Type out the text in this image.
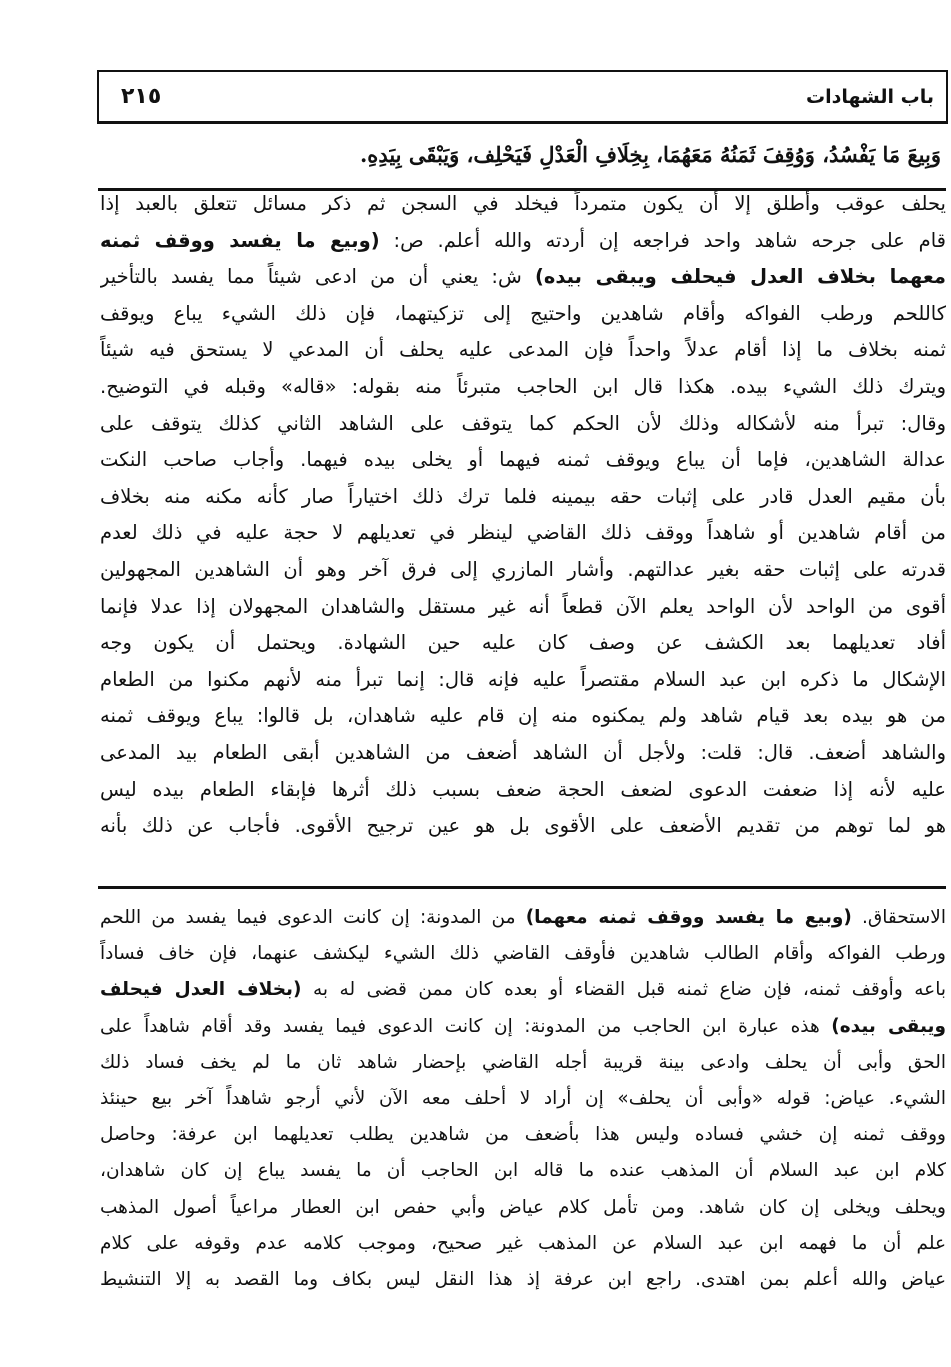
٢١٥	باب الشهادات
وَبِيعَ مَا يَفْسُدُ، وَوُقِفَ ثَمَنُهُ مَعَهُمَا، بِخِلَافِ الْعَدْلِ فَيَحْلِف، وَيَبْقَى بِيَدِهِ.
يحلف عوقب وأطلق إلا أن يكون متمرداً فيخلد في السجن ثم ذكر مسائل تتعلق بالعبد إذا
قام على جرحه شاهد واحد فراجعه إن أردته والله أعلم. ص: (وبيع ما يفسد ووقف ثمنه
معهما بخلاف العدل فيحلف ويبقى بيده) ش: يعني أن من ادعى شيئاً مما يفسد بالتأخير
كاللحم ورطب الفواكه وأقام شاهدين واحتيج إلى تزكيتهما، فإن ذلك الشيء يباع ويوقف
ثمنه بخلاف ما إذا أقام عدلاً واحداً فإن المدعى عليه يحلف أن المدعي لا يستحق فيه شيئاً
ويترك ذلك الشيء بيده. هكذا قال ابن الحاجب متبرئاً منه بقوله: «قاله» وقبله في التوضيح.
وقال: تبرأ منه لأشكاله وذلك لأن الحكم كما يتوقف على الشاهد الثاني كذلك يتوقف على
عدالة الشاهدين، فإما أن يباع ويوقف ثمنه فيهما أو يخلى بيده فيهما. وأجاب صاحب النكت
بأن مقيم العدل قادر على إثبات حقه بيمينه فلما ترك ذلك اختياراً صار كأنه مكنه منه بخلاف
من أقام شاهدين أو شاهداً ووقف ذلك القاضي لينظر في تعديلهم لا حجة عليه في ذلك لعدم
قدرته على إثبات حقه بغير عدالتهم. وأشار المازري إلى فرق آخر وهو أن الشاهدين المجهولين
أقوى من الواحد لأن الواحد يعلم الآن قطعاً أنه غير مستقل والشاهدان المجهولان إذا عدلا فإنما
أفاد تعديلهما بعد الكشف عن وصف كان عليه حين الشهادة. ويحتمل أن يكون وجه
الإشكال ما ذكره ابن عبد السلام مقتصراً عليه فإنه قال: إنما تبرأ منه لأنهم مكنوا من الطعام
من هو بيده بعد قيام شاهد ولم يمكنوه منه إن قام عليه شاهدان، بل قالوا: يباع ويوقف ثمنه
والشاهد أضعف. قال: قلت: ولأجل أن الشاهد أضعف من الشاهدين أبقى الطعام بيد المدعى
عليه لأنه إذا ضعفت الدعوى لضعف الحجة ضعف بسبب ذلك أثرها فإبقاء الطعام بيده ليس
هو لما توهم من تقديم الأضعف على الأقوى بل هو عين ترجيح الأقوى. فأجاب عن ذلك بأنه
الاستحقاق. (وبيع ما يفسد ووقف ثمنه معهما) من المدونة: إن كانت الدعوى فيما يفسد من اللحم
ورطب الفواكه وأقام الطالب شاهدين فأوقف القاضي ذلك الشيء ليكشف عنهما، فإن خاف فساداً
باعه وأوقف ثمنه، فإن ضاع ثمنه قبل القضاء أو بعده كان ممن قضى له به (بخلاف العدل فيحلف
ويبقى بيده) هذه عبارة ابن الحاجب من المدونة: إن كانت الدعوى فيما يفسد وقد أقام شاهداً على
الحق وأبى أن يحلف وادعى بينة قريبة أجله القاضي بإحضار شاهد ثان ما لم يخف فساد ذلك
الشيء. عياض: قوله «وأبى أن يحلف» إن أراد لا أحلف معه الآن لأني أرجو شاهداً آخر بيع حينئذ
ووقف ثمنه إن خشي فساده وليس هذا بأضعف من شاهدين يطلب تعديلهما ابن عرفة: وحاصل
كلام ابن عبد السلام أن المذهب عنده ما قاله ابن الحاجب أن ما يفسد يباع إن كان شاهدان،
ويحلف ويخلى إن كان شاهد. ومن تأمل كلام عياض وأبي حفص ابن العطار مراعياً أصول المذهب
علم أن ما فهمه ابن عبد السلام عن المذهب غير صحيح، وموجب كلامه عدم وقوفه على كلام
عياض والله أعلم بمن اهتدى. راجع ابن عرفة إذ هذا النقل ليس بكاف وما القصد به إلا التنشيط
